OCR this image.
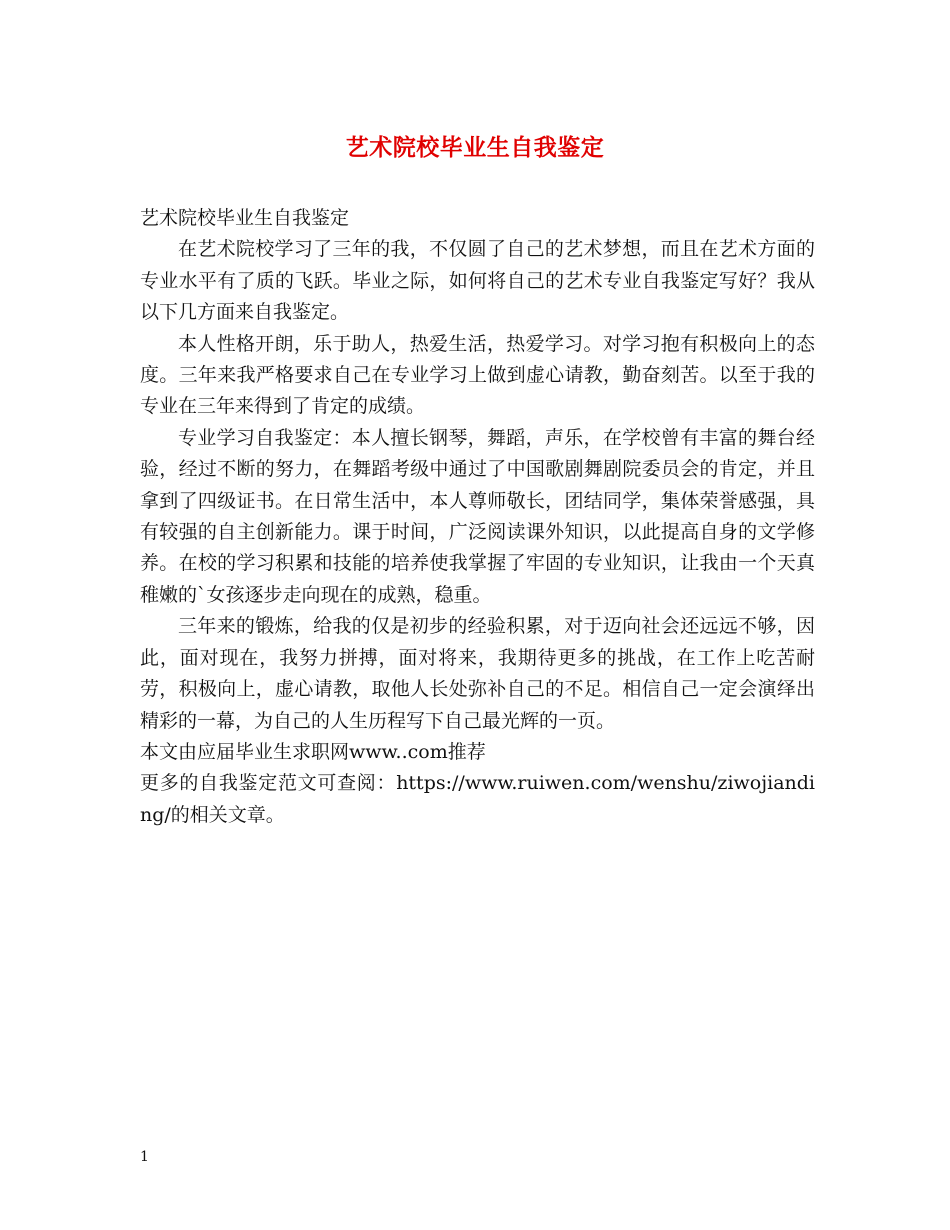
艺术院校毕业生自我鉴定

艺术院校毕业生自我鉴定

在艺术院校学习了三年的我，不仅圆了自己的艺术梦想，而且在艺术方面的专业水平有了质的飞跃。毕业之际，如何将自己的艺术专业自我鉴定写好？我从以下几方面来自我鉴定。

本人性格开朗，乐于助人，热爱生活，热爱学习。对学习抱有积极向上的态度。三年来我严格要求自己在专业学习上做到虚心请教，勤奋刻苦。以至于我的专业在三年来得到了肯定的成绩。

专业学习自我鉴定：本人擅长钢琴，舞蹈，声乐，在学校曾有丰富的舞台经验，经过不断的努力，在舞蹈考级中通过了中国歌剧舞剧院委员会的肯定，并且拿到了四级证书。在日常生活中，本人尊师敬长，团结同学，集体荣誉感强，具有较强的自主创新能力。课于时间，广泛阅读课外知识，以此提高自身的文学修养。在校的学习积累和技能的培养使我掌握了牢固的专业知识，让我由一个天真稚嫩的`女孩逐步走向现在的成熟，稳重。

三年来的锻炼，给我的仅是初步的经验积累，对于迈向社会还远远不够，因此，面对现在，我努力拼搏，面对将来，我期待更多的挑战，在工作上吃苦耐劳，积极向上，虚心请教，取他人长处弥补自己的不足。相信自己一定会演绎出精彩的一幕，为自己的人生历程写下自己最光辉的一页。

本文由应届毕业生求职网www..com推荐

更多的自我鉴定范文可查阅：https://www.ruiwen.com/wenshu/ziwojianding/的相关文章。

1
